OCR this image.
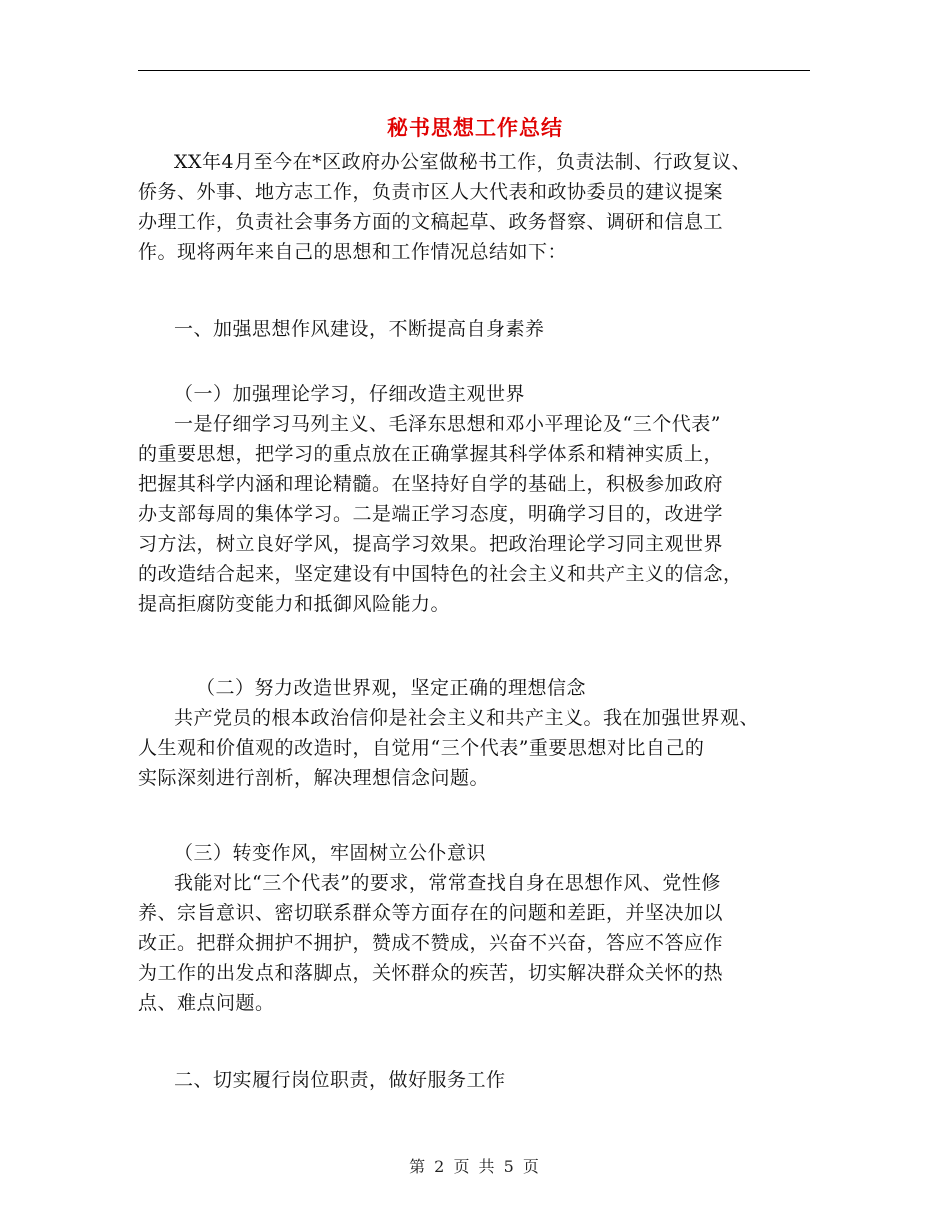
秘书思想工作总结
XX年4月至今在*区政府办公室做秘书工作，负责法制、行政复议、
侨务、外事、地方志工作，负责市区人大代表和政协委员的建议提案
办理工作，负责社会事务方面的文稿起草、政务督察、调研和信息工
作。现将两年来自己的思想和工作情况总结如下：
一、加强思想作风建设，不断提高自身素养
（一）加强理论学习，仔细改造主观世界
一是仔细学习马列主义、毛泽东思想和邓小平理论及“三个代表”
的重要思想，把学习的重点放在正确掌握其科学体系和精神实质上，
把握其科学内涵和理论精髓。在坚持好自学的基础上，积极参加政府
办支部每周的集体学习。二是端正学习态度，明确学习目的，改进学
习方法，树立良好学风，提高学习效果。把政治理论学习同主观世界
的改造结合起来，坚定建设有中国特色的社会主义和共产主义的信念，
提高拒腐防变能力和抵御风险能力。
（二）努力改造世界观，坚定正确的理想信念
共产党员的根本政治信仰是社会主义和共产主义。我在加强世界观、
人生观和价值观的改造时，自觉用“三个代表”重要思想对比自己的
实际深刻进行剖析，解决理想信念问题。
（三）转变作风，牢固树立公仆意识
我能对比“三个代表”的要求，常常查找自身在思想作风、党性修
养、宗旨意识、密切联系群众等方面存在的问题和差距，并坚决加以
改正。把群众拥护不拥护，赞成不赞成，兴奋不兴奋，答应不答应作
为工作的出发点和落脚点，关怀群众的疾苦，切实解决群众关怀的热
点、难点问题。
二、切实履行岗位职责，做好服务工作
第 2 页 共 5 页
